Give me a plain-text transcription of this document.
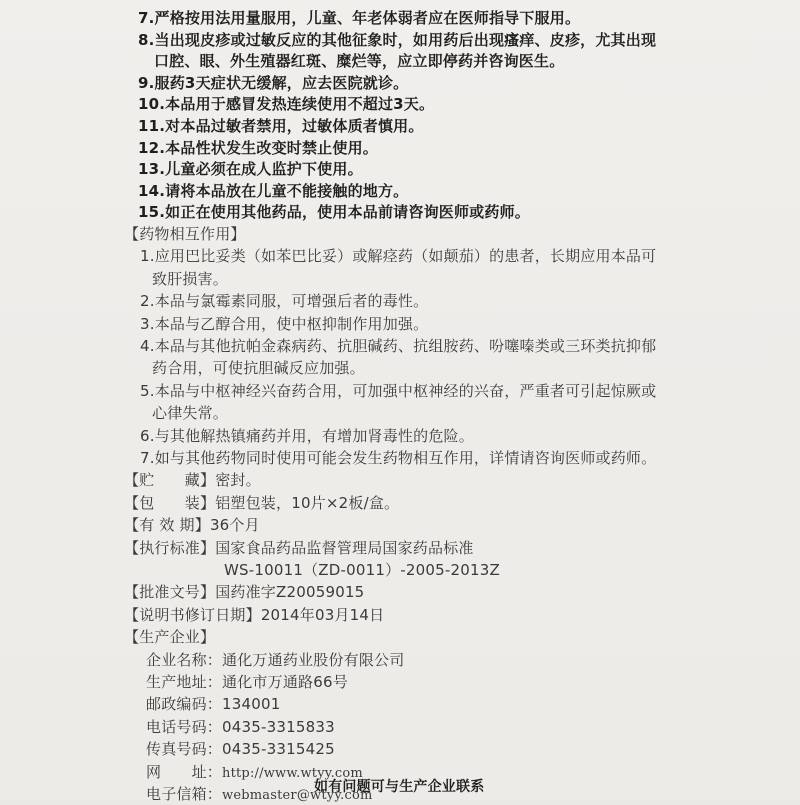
7.严格按用法用量服用，儿童、年老体弱者应在医师指导下服用。
8.当出现皮疹或过敏反应的其他征象时，如用药后出现瘙痒、皮疹，尤其出现
口腔、眼、外生殖器红斑、糜烂等，应立即停药并咨询医生。
9.服药3天症状无缓解，应去医院就诊。
10.本品用于感冒发热连续使用不超过3天。
11.对本品过敏者禁用，过敏体质者慎用。
12.本品性状发生改变时禁止使用。
13.儿童必须在成人监护下使用。
14.请将本品放在儿童不能接触的地方。
15.如正在使用其他药品，使用本品前请咨询医师或药师。
【药物相互作用】
1.应用巴比妥类（如苯巴比妥）或解痉药（如颠茄）的患者，长期应用本品可
致肝损害。
2.本品与氯霉素同服，可增强后者的毒性。
3.本品与乙醇合用，使中枢抑制作用加强。
4.本品与其他抗帕金森病药、抗胆碱药、抗组胺药、吩噻嗪类或三环类抗抑郁
药合用，可使抗胆碱反应加强。
5.本品与中枢神经兴奋药合用，可加强中枢神经的兴奋，严重者可引起惊厥或
心律失常。
6.与其他解热镇痛药并用，有增加肾毒性的危险。
7.如与其他药物同时使用可能会发生药物相互作用，详情请咨询医师或药师。
【贮　　藏】密封。
【包　　装】铝塑包装，10片×2板/盒。
【有 效 期】36个月
【执行标准】国家食品药品监督管理局国家药品标准
WS-10011（ZD-0011）-2005-2013Z
【批准文号】国药准字Z20059015
【说明书修订日期】2014年03月14日
【生产企业】
企业名称：通化万通药业股份有限公司
生产地址：通化市万通路66号
邮政编码：134001
电话号码：0435-3315833
传真号码：0435-3315425
网　　址：http://www.wtyy.com
电子信箱：webmaster@wtyy.com
如有问题可与生产企业联系
